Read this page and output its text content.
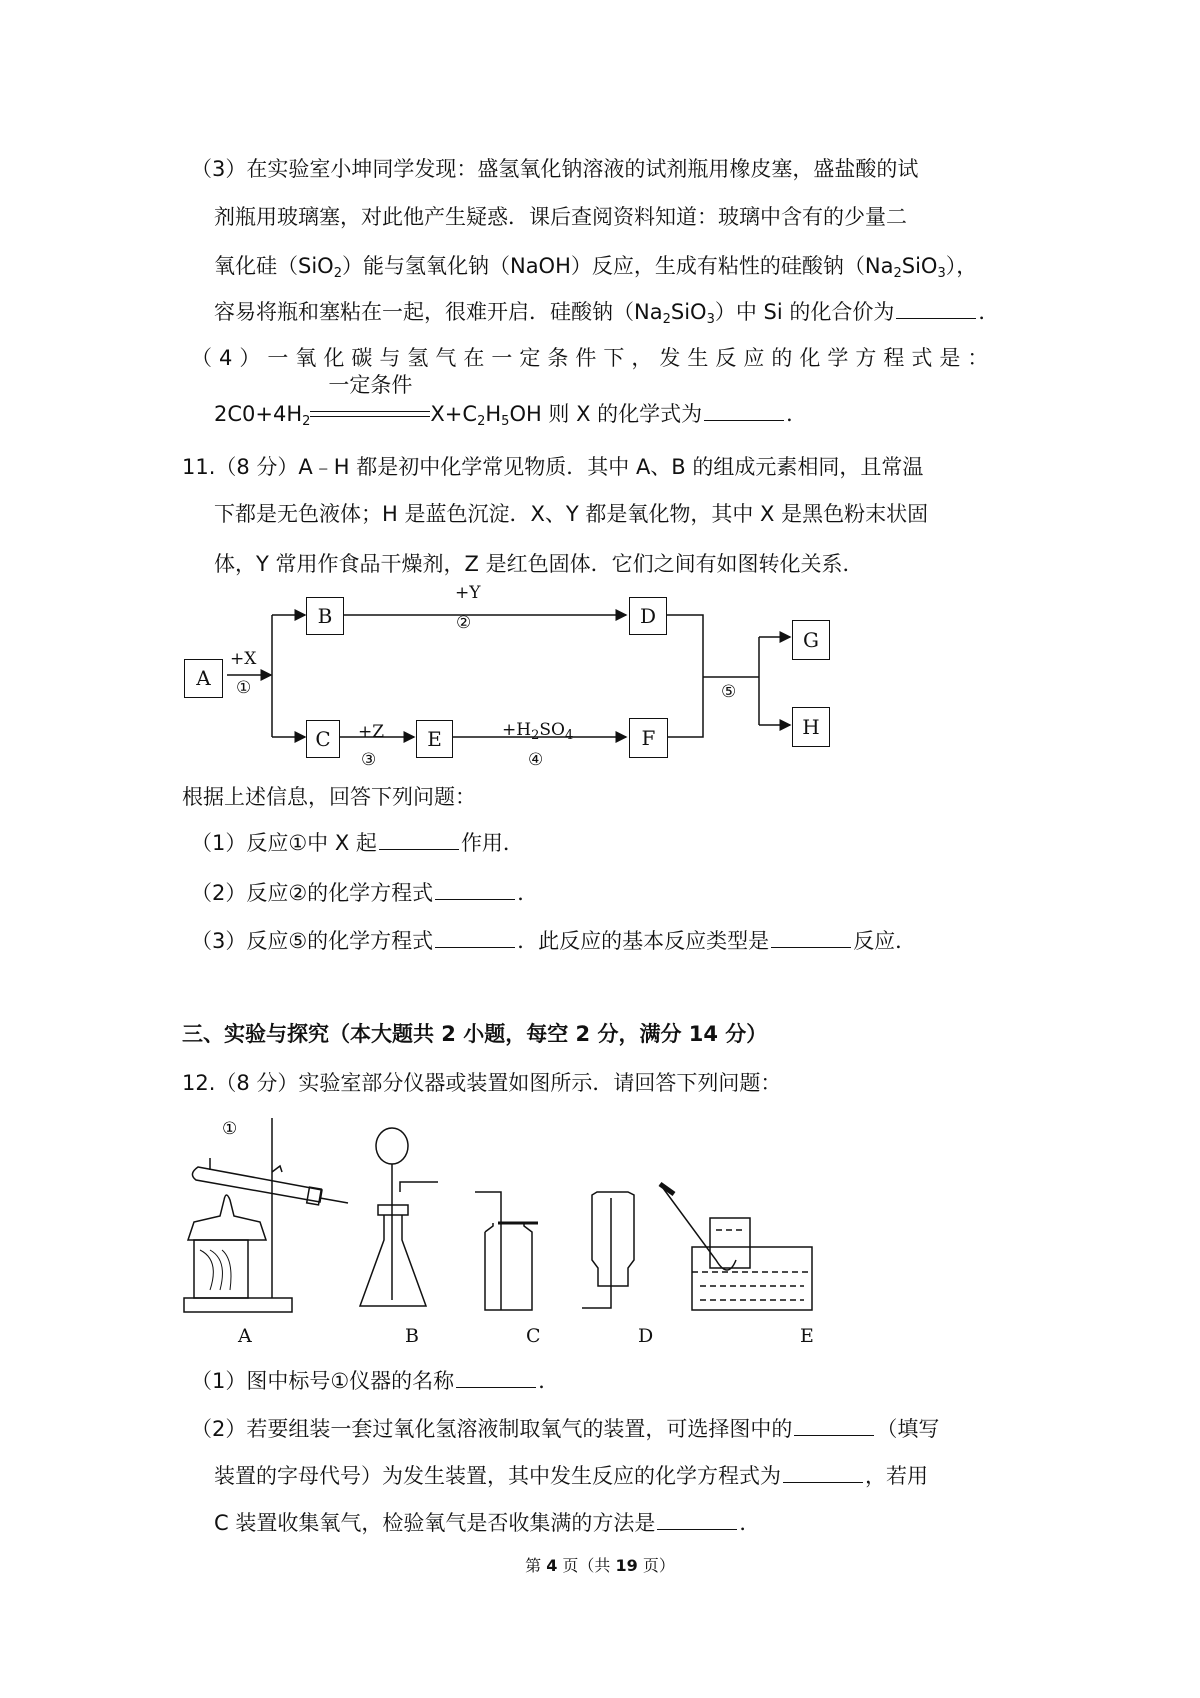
（3）在实验室小坤同学发现：盛氢氧化钠溶液的试剂瓶用橡皮塞，盛盐酸的试
剂瓶用玻璃塞，对此他产生疑惑．课后查阅资料知道：玻璃中含有的少量二
氧化硅（SiO$_2$）能与氢氧化钠（NaOH）反应，生成有粘性的硅酸钠$(Na_2SiO_3)$，
容易将瓶和塞粘在一起，很难开启．硅酸钠$(Na_2SiO_3)$中 Si 的化合价为	．
（4）一氧化碳与氢气在一定条件下，发生反应的化学方程式是：
$2C0+4H_2$
一定条件
$X+C_2H_5OH$ 则 X 的化学式为	．
11.（8 分）A﹣H 都是初中化学常见物质．其中 A、B 的组成元素相同，且常温
下都是无色液体；H 是蓝色沉淀．X、Y 都是氧化物，其中 X 是黑色粉末状固
体，Y 常用作食品干燥剂，Z 是红色固体．它们之间有如图转化关系．
A
B
C
D
E	F
G
H
+X
①
+Y
②
+Z
③
$+H_2SO_4$
④
⑤
根据上述信息，回答下列问题：
（1）反应①中 X 起	作用．
（2）反应②的化学方程式	．
（3）反应⑤的化学方程式	．此反应的基本反应类型是	反应．
三、实验与探究（本大题共 2 小题，每空 2 分，满分 14 分）
12.（8 分）实验室部分仪器或装置如图所示．请回答下列问题：
①
A	B	C	D	E
（1）图中标号①仪器的名称	．
（2）若要组装一套过氧化氢溶液制取氧气的装置，可选择图中的	（填写
装置的字母代号）为发生装置，其中发生反应的化学方程式为	，若用
C 装置收集氧气，检验氧气是否收集满的方法是	．
第 4 页（共 19 页）
